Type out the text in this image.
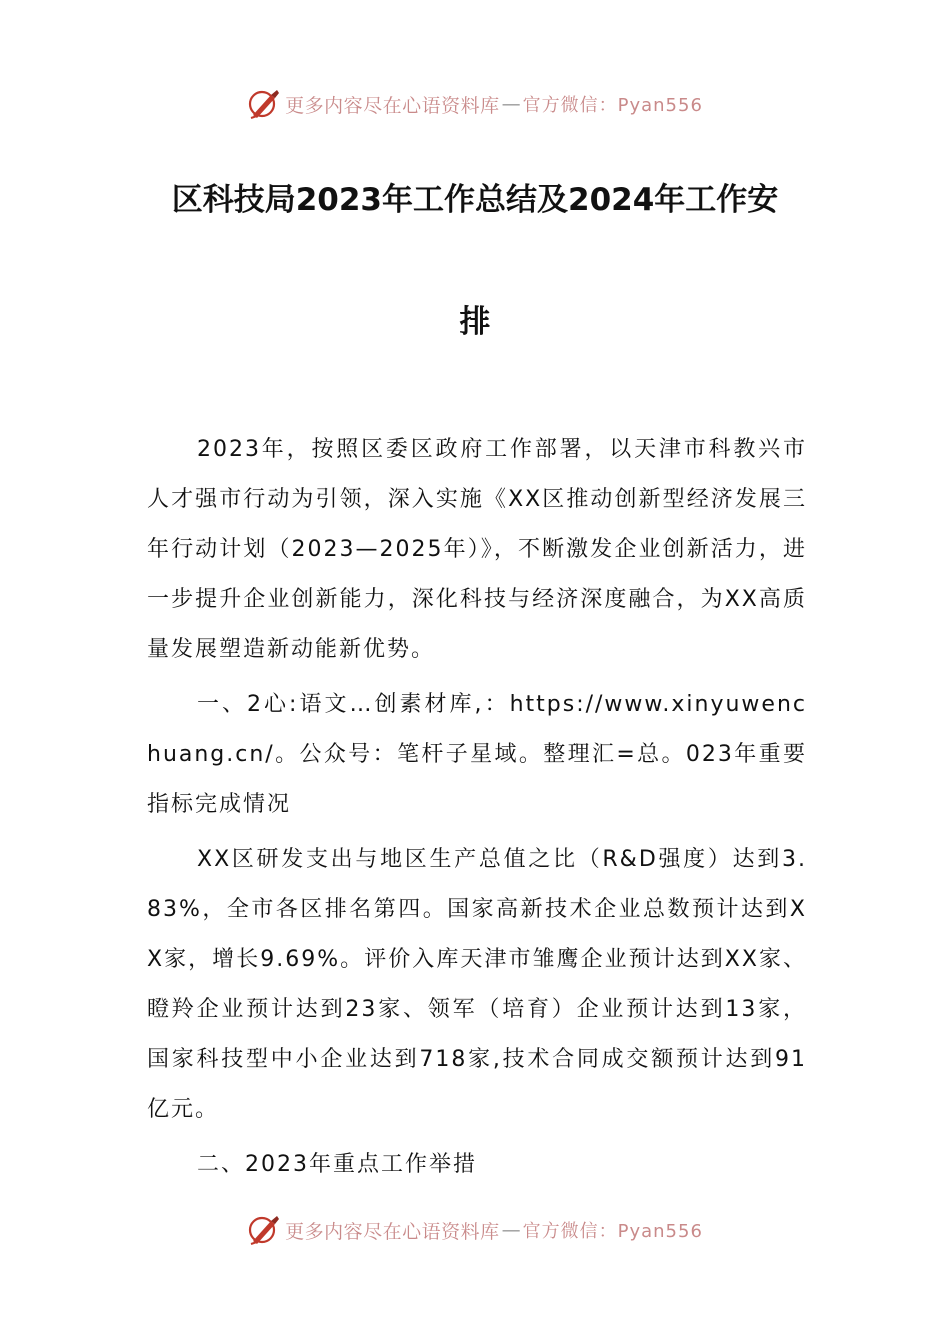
更多内容尽在心语资料库 — 官方微信：Pyan556
区科技局2023年工作总结及2024年工作安
排

2023年，按照区委区政府工作部署，以天津市科教兴市人才强市行动为引领，深入实施《XX区推动创新型经济发展三年行动计划（2023—2025年）》，不断激发企业创新活力，进一步提升企业创新能力，深化科技与经济深度融合，为XX高质量发展塑造新动能新优势。

一、2心:语文…创素材库,：https://www.xinyuwenchuang.cn/。公众号：笔杆子星域。整理汇=总。023年重要指标完成情况

XX区研发支出与地区生产总值之比（R&D强度）达到3.83%，全市各区排名第四。国家高新技术企业总数预计达到XX家，增长9.69%。评价入库天津市雏鹰企业预计达到XX家、瞪羚企业预计达到23家、领军（培育）企业预计达到13家，国家科技型中小企业达到718家,技术合同成交额预计达到91亿元。

二、2023年重点工作举措

更多内容尽在心语资料库 — 官方微信：Pyan556
